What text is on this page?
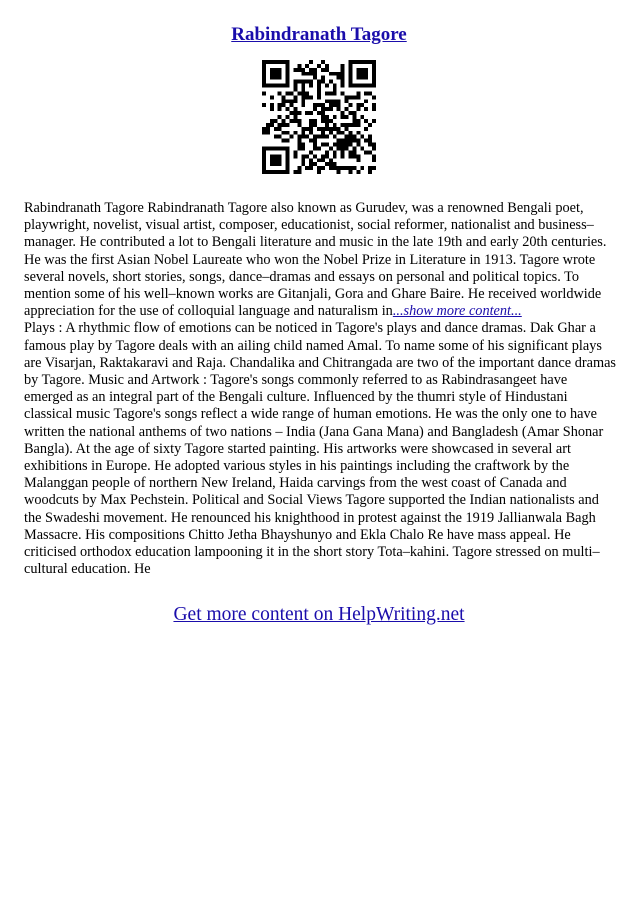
Rabindranath Tagore

Rabindranath Tagore Rabindranath Tagore also known as Gurudev, was a renowned Bengali poet, playwright, novelist, visual artist, composer, educationist, social reformer, nationalist and business–manager. He contributed a lot to Bengali literature and music in the late 19th and early 20th centuries. He was the first Asian Nobel Laureate who won the Nobel Prize in Literature in 1913. Tagore wrote several novels, short stories, songs, dance–dramas and essays on personal and political topics. To mention some of his well–known works are Gitanjali, Gora and Ghare Baire. He received worldwide appreciation for the use of colloquial language and naturalism in...show more content...

Plays : A rhythmic flow of emotions can be noticed in Tagore's plays and dance dramas. Dak Ghar a famous play by Tagore deals with an ailing child named Amal. To name some of his significant plays are Visarjan, Raktakaravi and Raja. Chandalika and Chitrangada are two of the important dance dramas by Tagore. Music and Artwork : Tagore's songs commonly referred to as Rabindrasangeet have emerged as an integral part of the Bengali culture. Influenced by the thumri style of Hindustani classical music Tagore's songs reflect a wide range of human emotions. He was the only one to have written the national anthems of two nations – India (Jana Gana Mana) and Bangladesh (Amar Shonar Bangla). At the age of sixty Tagore started painting. His artworks were showcased in several art exhibitions in Europe. He adopted various styles in his paintings including the craftwork by the Malanggan people of northern New Ireland, Haida carvings from the west coast of Canada and woodcuts by Max Pechstein. Political and Social Views Tagore supported the Indian nationalists and the Swadeshi movement. He renounced his knighthood in protest against the 1919 Jallianwala Bagh Massacre. His compositions Chitto Jetha Bhayshunyo and Ekla Chalo Re have mass appeal. He criticised orthodox education lampooning it in the short story Tota–kahini. Tagore stressed on multi–cultural education. He

Get more content on HelpWriting.net
